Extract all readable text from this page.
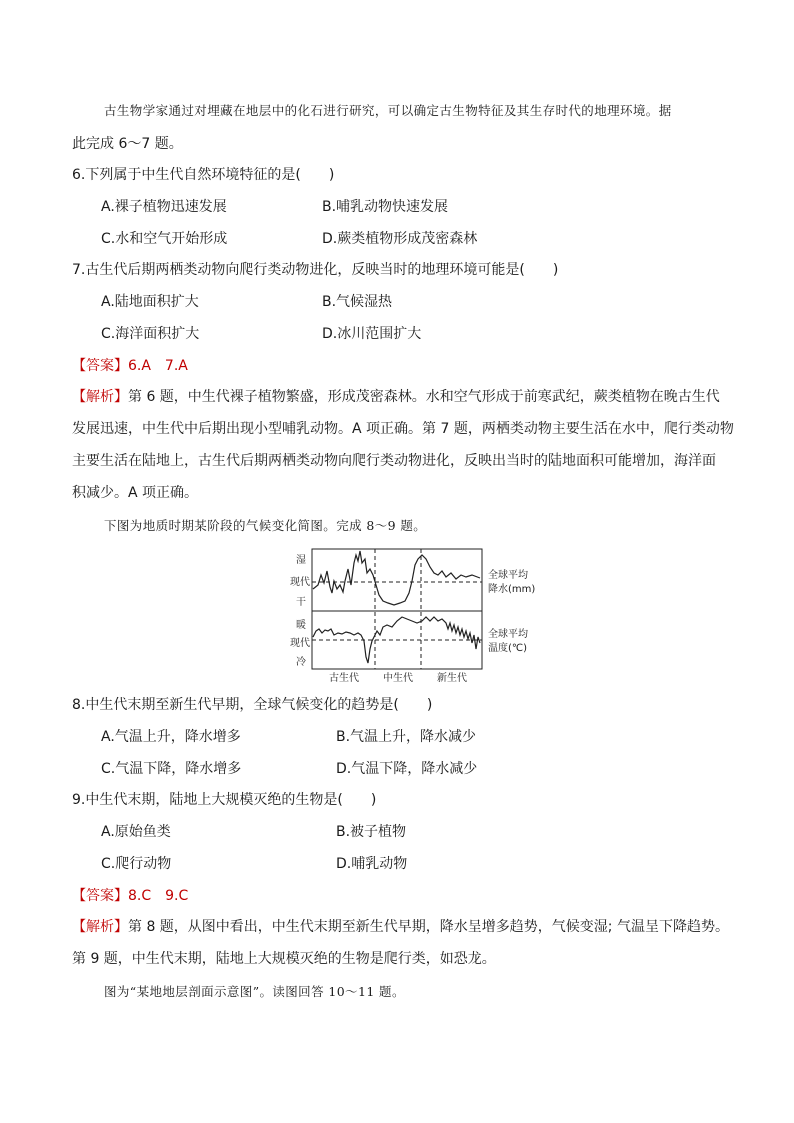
古生物学家通过对埋藏在地层中的化石进行研究，可以确定古生物特征及其生存时代的地理环境。据
此完成 6～7 题。
6.下列属于中生代自然环境特征的是(　　)
A.裸子植物迅速发展	B.哺乳动物快速发展
C.水和空气开始形成	D.蕨类植物形成茂密森林
7.古生代后期两栖类动物向爬行类动物进化，反映当时的地理环境可能是(　　)
A.陆地面积扩大	B.气候湿热
C.海洋面积扩大	D.冰川范围扩大
【答案】6.A　7.A
【解析】第 6 题，中生代裸子植物繁盛，形成茂密森林。水和空气形成于前寒武纪，蕨类植物在晚古生代
发展迅速，中生代中后期出现小型哺乳动物。A 项正确。第 7 题，两栖类动物主要生活在水中，爬行类动物
主要生活在陆地上，古生代后期两栖类动物向爬行类动物进化，反映出当时的陆地面积可能增加，海洋面
积减少。A 项正确。
下图为地质时期某阶段的气候变化简图。完成 8～9 题。
湿
现代
干
暖
现代
冷
全球平均
降水(mm)
全球平均
温度(℃)
古生代 中生代 新生代
8.中生代末期至新生代早期，全球气候变化的趋势是(　　)
A.气温上升，降水增多	B.气温上升，降水减少
C.气温下降，降水增多	D.气温下降，降水减少
9.中生代末期，陆地上大规模灭绝的生物是(　　)
A.原始鱼类	B.被子植物
C.爬行动物	D.哺乳动物
【答案】8.C　9.C
【解析】第 8 题，从图中看出，中生代末期至新生代早期，降水呈增多趋势，气候变湿; 气温呈下降趋势。
第 9 题，中生代末期，陆地上大规模灭绝的生物是爬行类，如恐龙。
图为“某地地层剖面示意图”。读图回答 10～11 题。
